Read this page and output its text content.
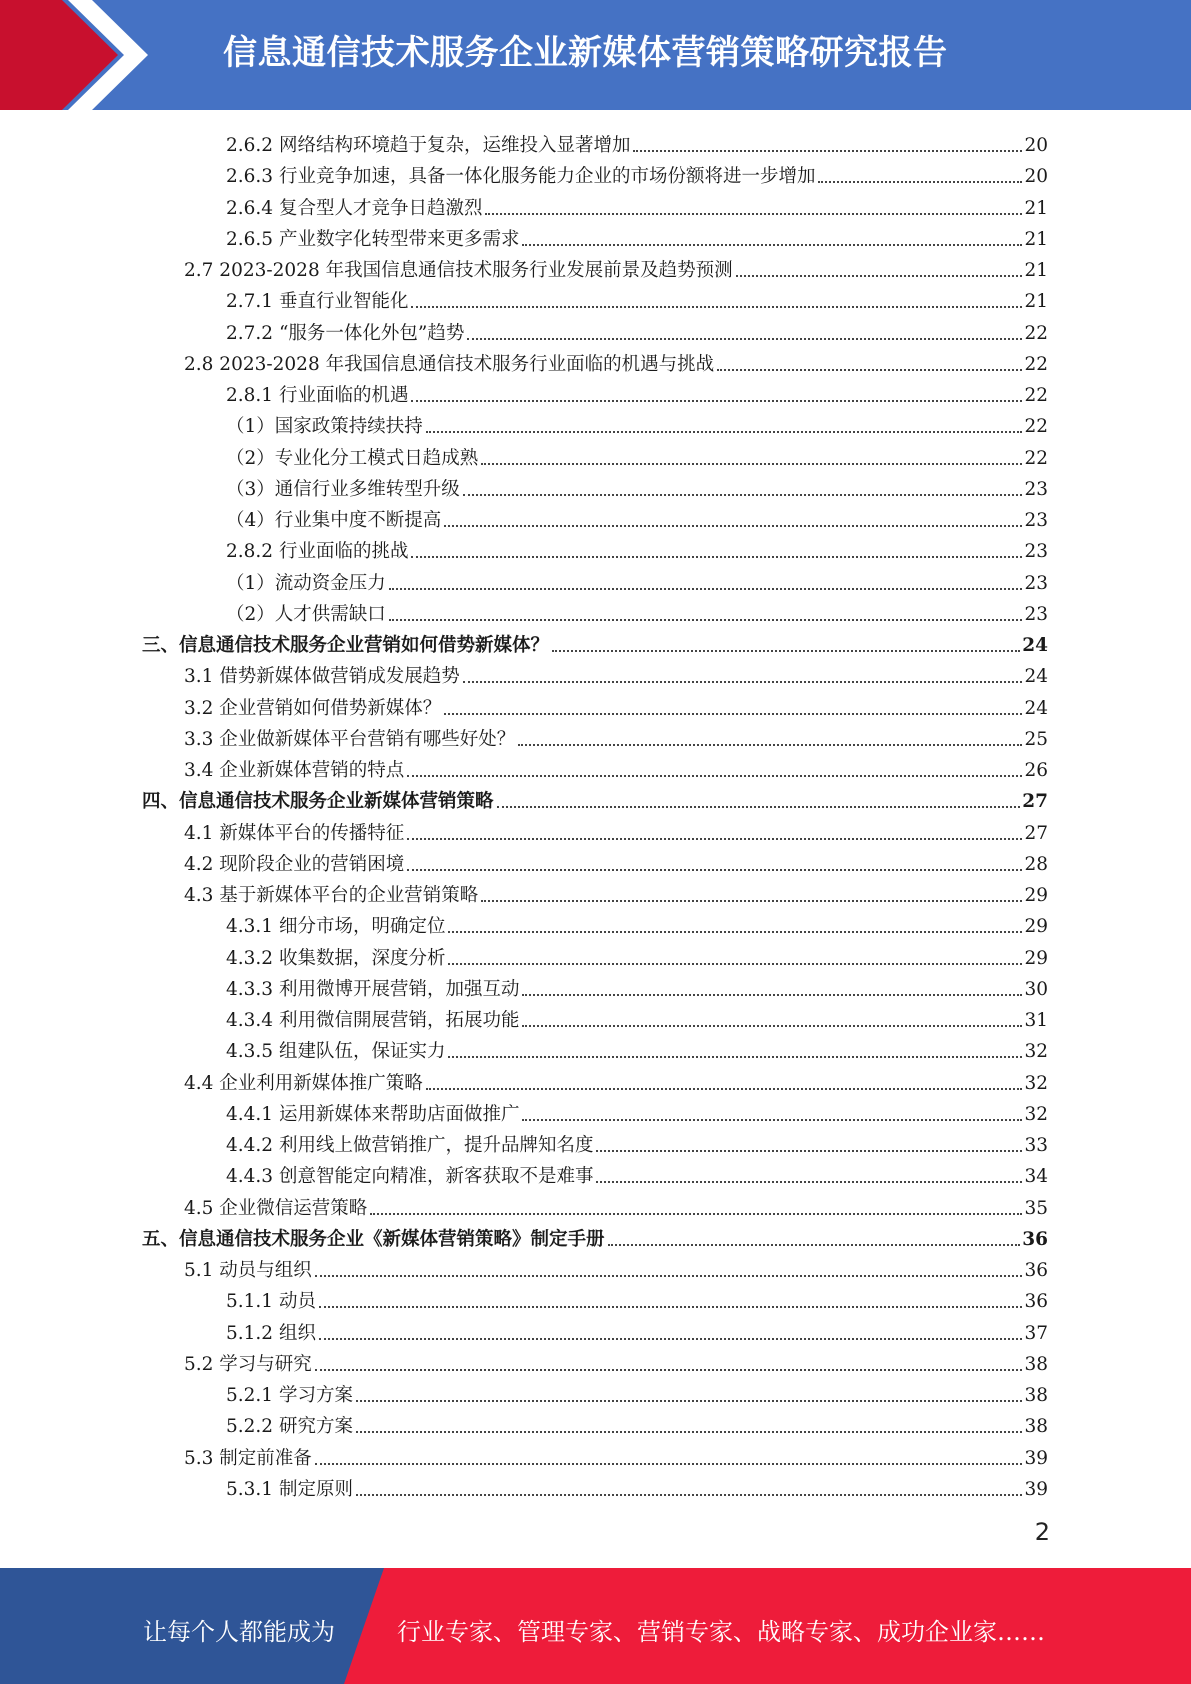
信息通信技术服务企业新媒体营销策略研究报告
2.6.2 网络结构环境趋于复杂，运维投入显著增加	20
2.6.3 行业竞争加速，具备一体化服务能力企业的市场份额将进一步增加	20
2.6.4 复合型人才竞争日趋激烈	21
2.6.5 产业数字化转型带来更多需求	21
2.7 2023-2028 年我国信息通信技术服务行业发展前景及趋势预测	21
2.7.1 垂直行业智能化	21
2.7.2 “服务一体化外包”趋势	22
2.8 2023-2028 年我国信息通信技术服务行业面临的机遇与挑战	22
2.8.1 行业面临的机遇	22
（1）国家政策持续扶持	22
（2）专业化分工模式日趋成熟	22
（3）通信行业多维转型升级	23
（4）行业集中度不断提高	23
2.8.2 行业面临的挑战	23
（1）流动资金压力	23
（2）人才供需缺口	23
三、信息通信技术服务企业营销如何借势新媒体？	24
3.1 借势新媒体做营销成发展趋势	24
3.2 企业营销如何借势新媒体？	24
3.3 企业做新媒体平台营销有哪些好处？	25
3.4 企业新媒体营销的特点	26
四、信息通信技术服务企业新媒体营销策略	27
4.1 新媒体平台的传播特征	27
4.2 现阶段企业的营销困境	28
4.3 基于新媒体平台的企业营销策略	29
4.3.1 细分市场，明确定位	29
4.3.2 收集数据，深度分析	29
4.3.3 利用微博开展营销，加强互动	30
4.3.4 利用微信開展营销，拓展功能	31
4.3.5 组建队伍，保证实力	32
4.4 企业利用新媒体推广策略	32
4.4.1 运用新媒体来帮助店面做推广	32
4.4.2 利用线上做营销推广，提升品牌知名度	33
4.4.3 创意智能定向精准，新客获取不是难事	34
4.5 企业微信运营策略	35
五、信息通信技术服务企业《新媒体营销策略》制定手册	36
5.1 动员与组织	36
5.1.1 动员	36
5.1.2 组织	37
5.2 学习与研究	38
5.2.1 学习方案	38
5.2.2 研究方案	38
5.3 制定前准备	39
5.3.1 制定原则	39
2
让每个人都能成为	行业专家、管理专家、营销专家、战略专家、成功企业家……
